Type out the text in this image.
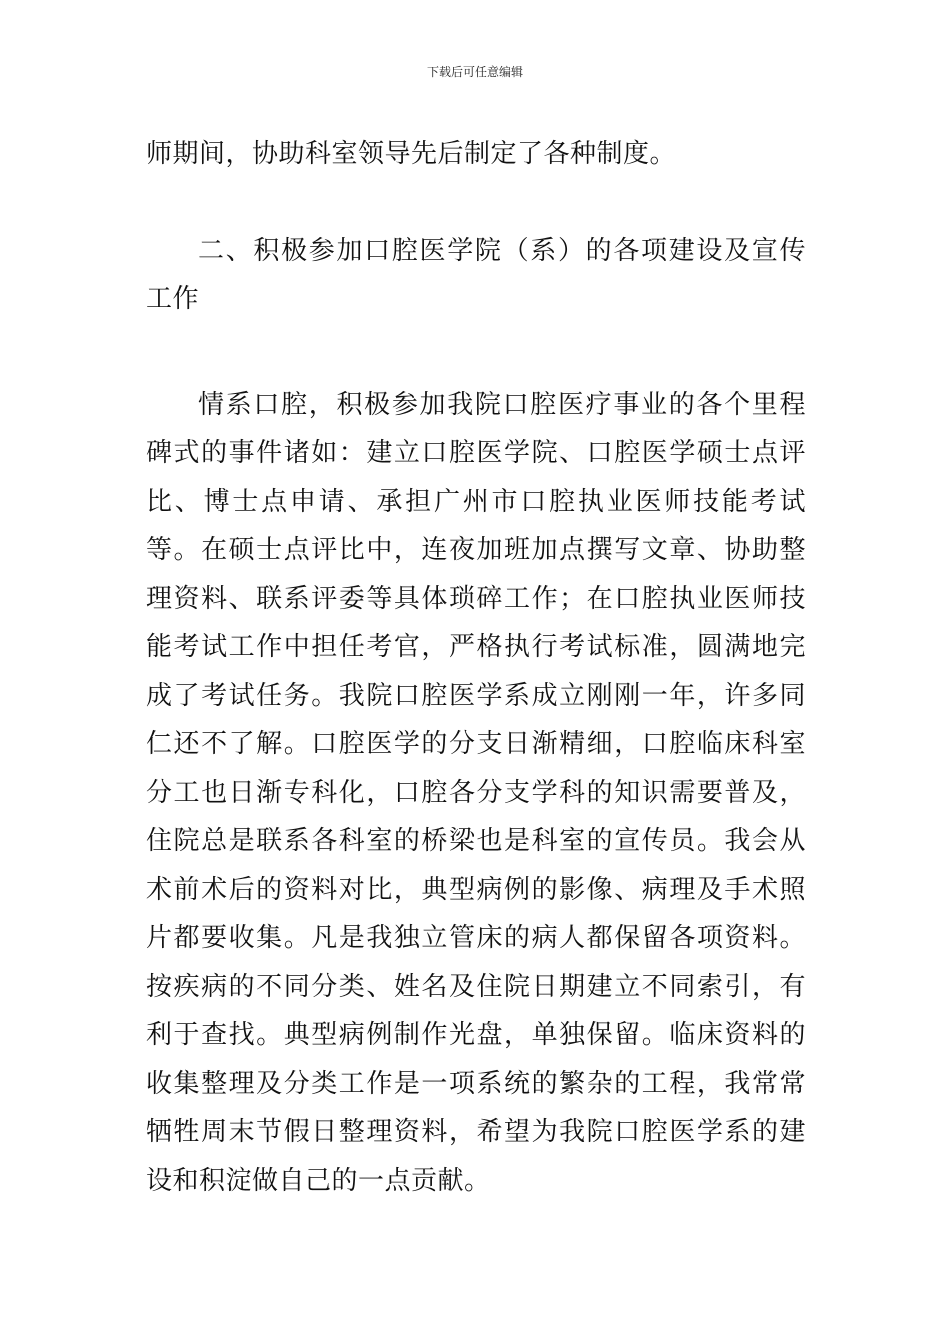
下载后可任意编辑

师期间，协助科室领导先后制定了各种制度。

二、积极参加口腔医学院（系）的各项建设及宣传工作

情系口腔，积极参加我院口腔医疗事业的各个里程碑式的事件诸如：建立口腔医学院、口腔医学硕士点评比、博士点申请、承担广州市口腔执业医师技能考试等。在硕士点评比中，连夜加班加点撰写文章、协助整理资料、联系评委等具体琐碎工作；在口腔执业医师技能考试工作中担任考官，严格执行考试标准，圆满地完成了考试任务。我院口腔医学系成立刚刚一年，许多同仁还不了解。口腔医学的分支日渐精细，口腔临床科室分工也日渐专科化，口腔各分支学科的知识需要普及，住院总是联系各科室的桥梁也是科室的宣传员。我会从术前术后的资料对比，典型病例的影像、病理及手术照片都要收集。凡是我独立管床的病人都保留各项资料。按疾病的不同分类、姓名及住院日期建立不同索引，有利于查找。典型病例制作光盘，单独保留。临床资料的收集整理及分类工作是一项系统的繁杂的工程，我常常牺牲周末节假日整理资料，希望为我院口腔医学系的建设和积淀做自己的一点贡献。
